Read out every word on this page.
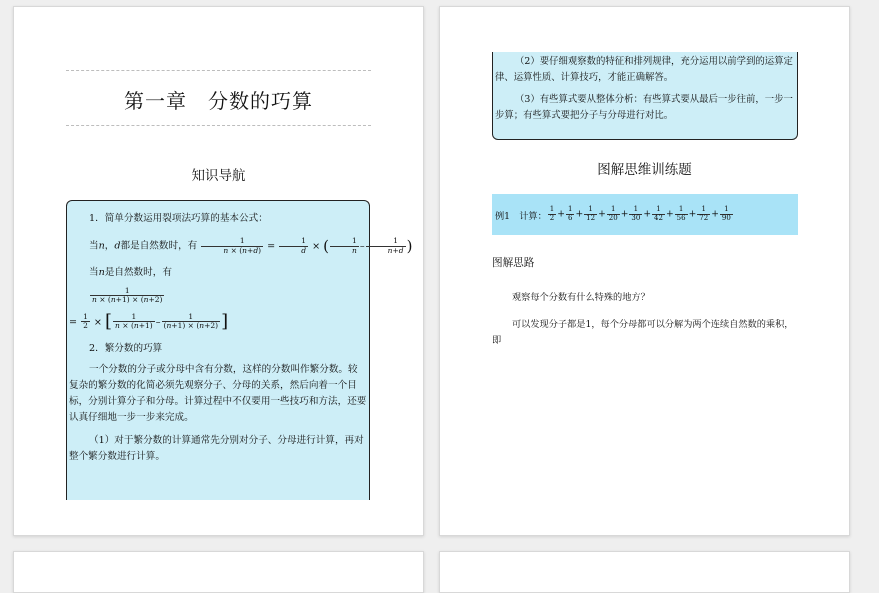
第一章　分数的巧算
知识导航

1．简单分数运用裂项法巧算的基本公式：

当n，d都是自然数时，有 $\frac{1}{n \times (n+d)} = \frac{1}{d}$ × ( $\frac{1}{n} - \frac{1}{n+d}$ )

当n是自然数时，有

$\frac{1}{n \times (n+1) \times (n+2)}$

= $\frac{1}{2}$ × [ $\frac{1}{n \times (n+1)} - \frac{1}{(n+1) \times (n+2)}$ ]

2．繁分数的巧算

一个分数的分子或分母中含有分数，这样的分数叫作繁分数。较复杂的繁分数的化简必须先观察分子、分母的关系，然后向着一个目标，分别计算分子和分母。计算过程中不仅要用一些技巧和方法，还要认真仔细地一步一步来完成。

（1）对于繁分数的计算通常先分别对分子、分母进行计算，再对整个繁分数进行计算。

（2）要仔细观察数的特征和排列规律，充分运用以前学到的运算定律、运算性质、计算技巧，才能正确解答。

（3）有些算式要从整体分析：有些算式要从最后一步往前，一步一步算；有些算式要把分子与分母进行对比。

图解思维训练题
例1　计算： $\frac{1}{2} + \frac{1}{6} + \frac{1}{12} + \frac{1}{20} + \frac{1}{30} + \frac{1}{42} + \frac{1}{56} + \frac{1}{72} + \frac{1}{90}$
图解思路
观察每个分数有什么特殊的地方？
可以发现分子都是1，每个分母都可以分解为两个连续自然数的乘积，即
